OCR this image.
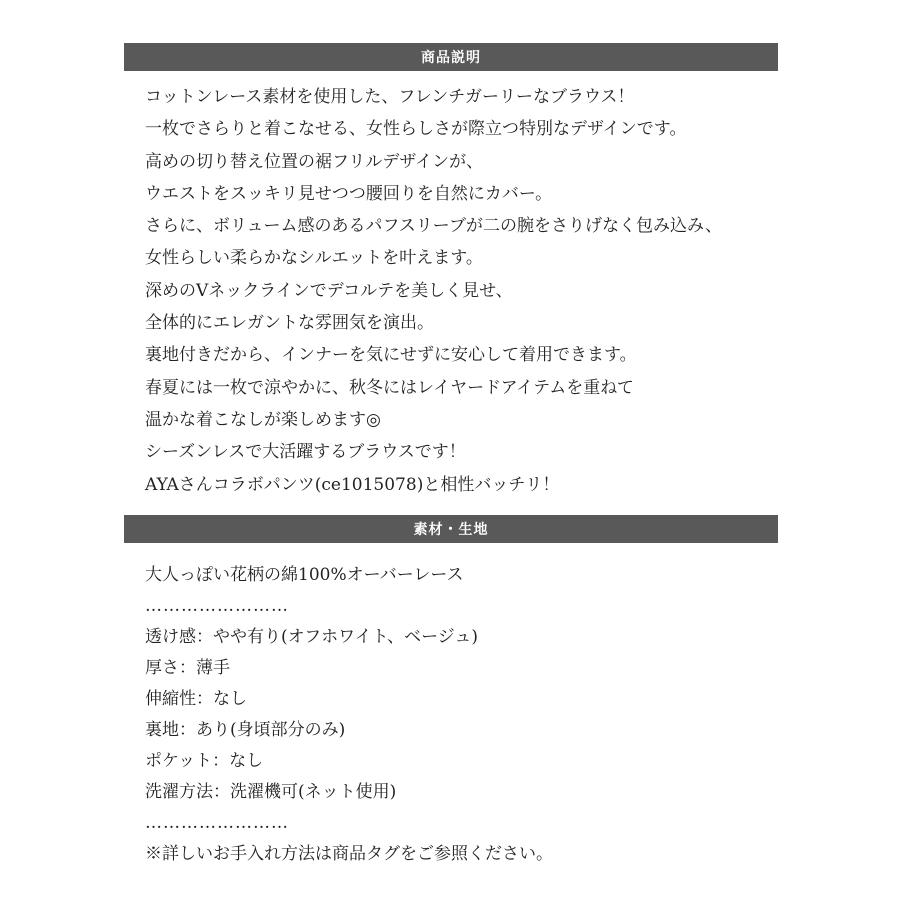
商品説明
コットンレース素材を使用した、フレンチガーリーなブラウス！
一枚でさらりと着こなせる、女性らしさが際立つ特別なデザインです。
高めの切り替え位置の裾フリルデザインが、
ウエストをスッキリ見せつつ腰回りを自然にカバー。
さらに、ボリューム感のあるパフスリーブが二の腕をさりげなく包み込み、
女性らしい柔らかなシルエットを叶えます。
深めのVネックラインでデコルテを美しく見せ、
全体的にエレガントな雰囲気を演出。
裏地付きだから、インナーを気にせずに安心して着用できます。
春夏には一枚で涼やかに、秋冬にはレイヤードアイテムを重ねて
温かな着こなしが楽しめます◎
シーズンレスで大活躍するブラウスです！
AYAさんコラボパンツ(ce1015078)と相性バッチリ！
素材・生地
大人っぽい花柄の綿100%オーバーレース
……………………
透け感：やや有り(オフホワイト、ベージュ)
厚さ：薄手
伸縮性：なし
裏地：あり(身頃部分のみ)
ポケット：なし
洗濯方法：洗濯機可(ネット使用)
……………………
※詳しいお手入れ方法は商品タグをご参照ください。
